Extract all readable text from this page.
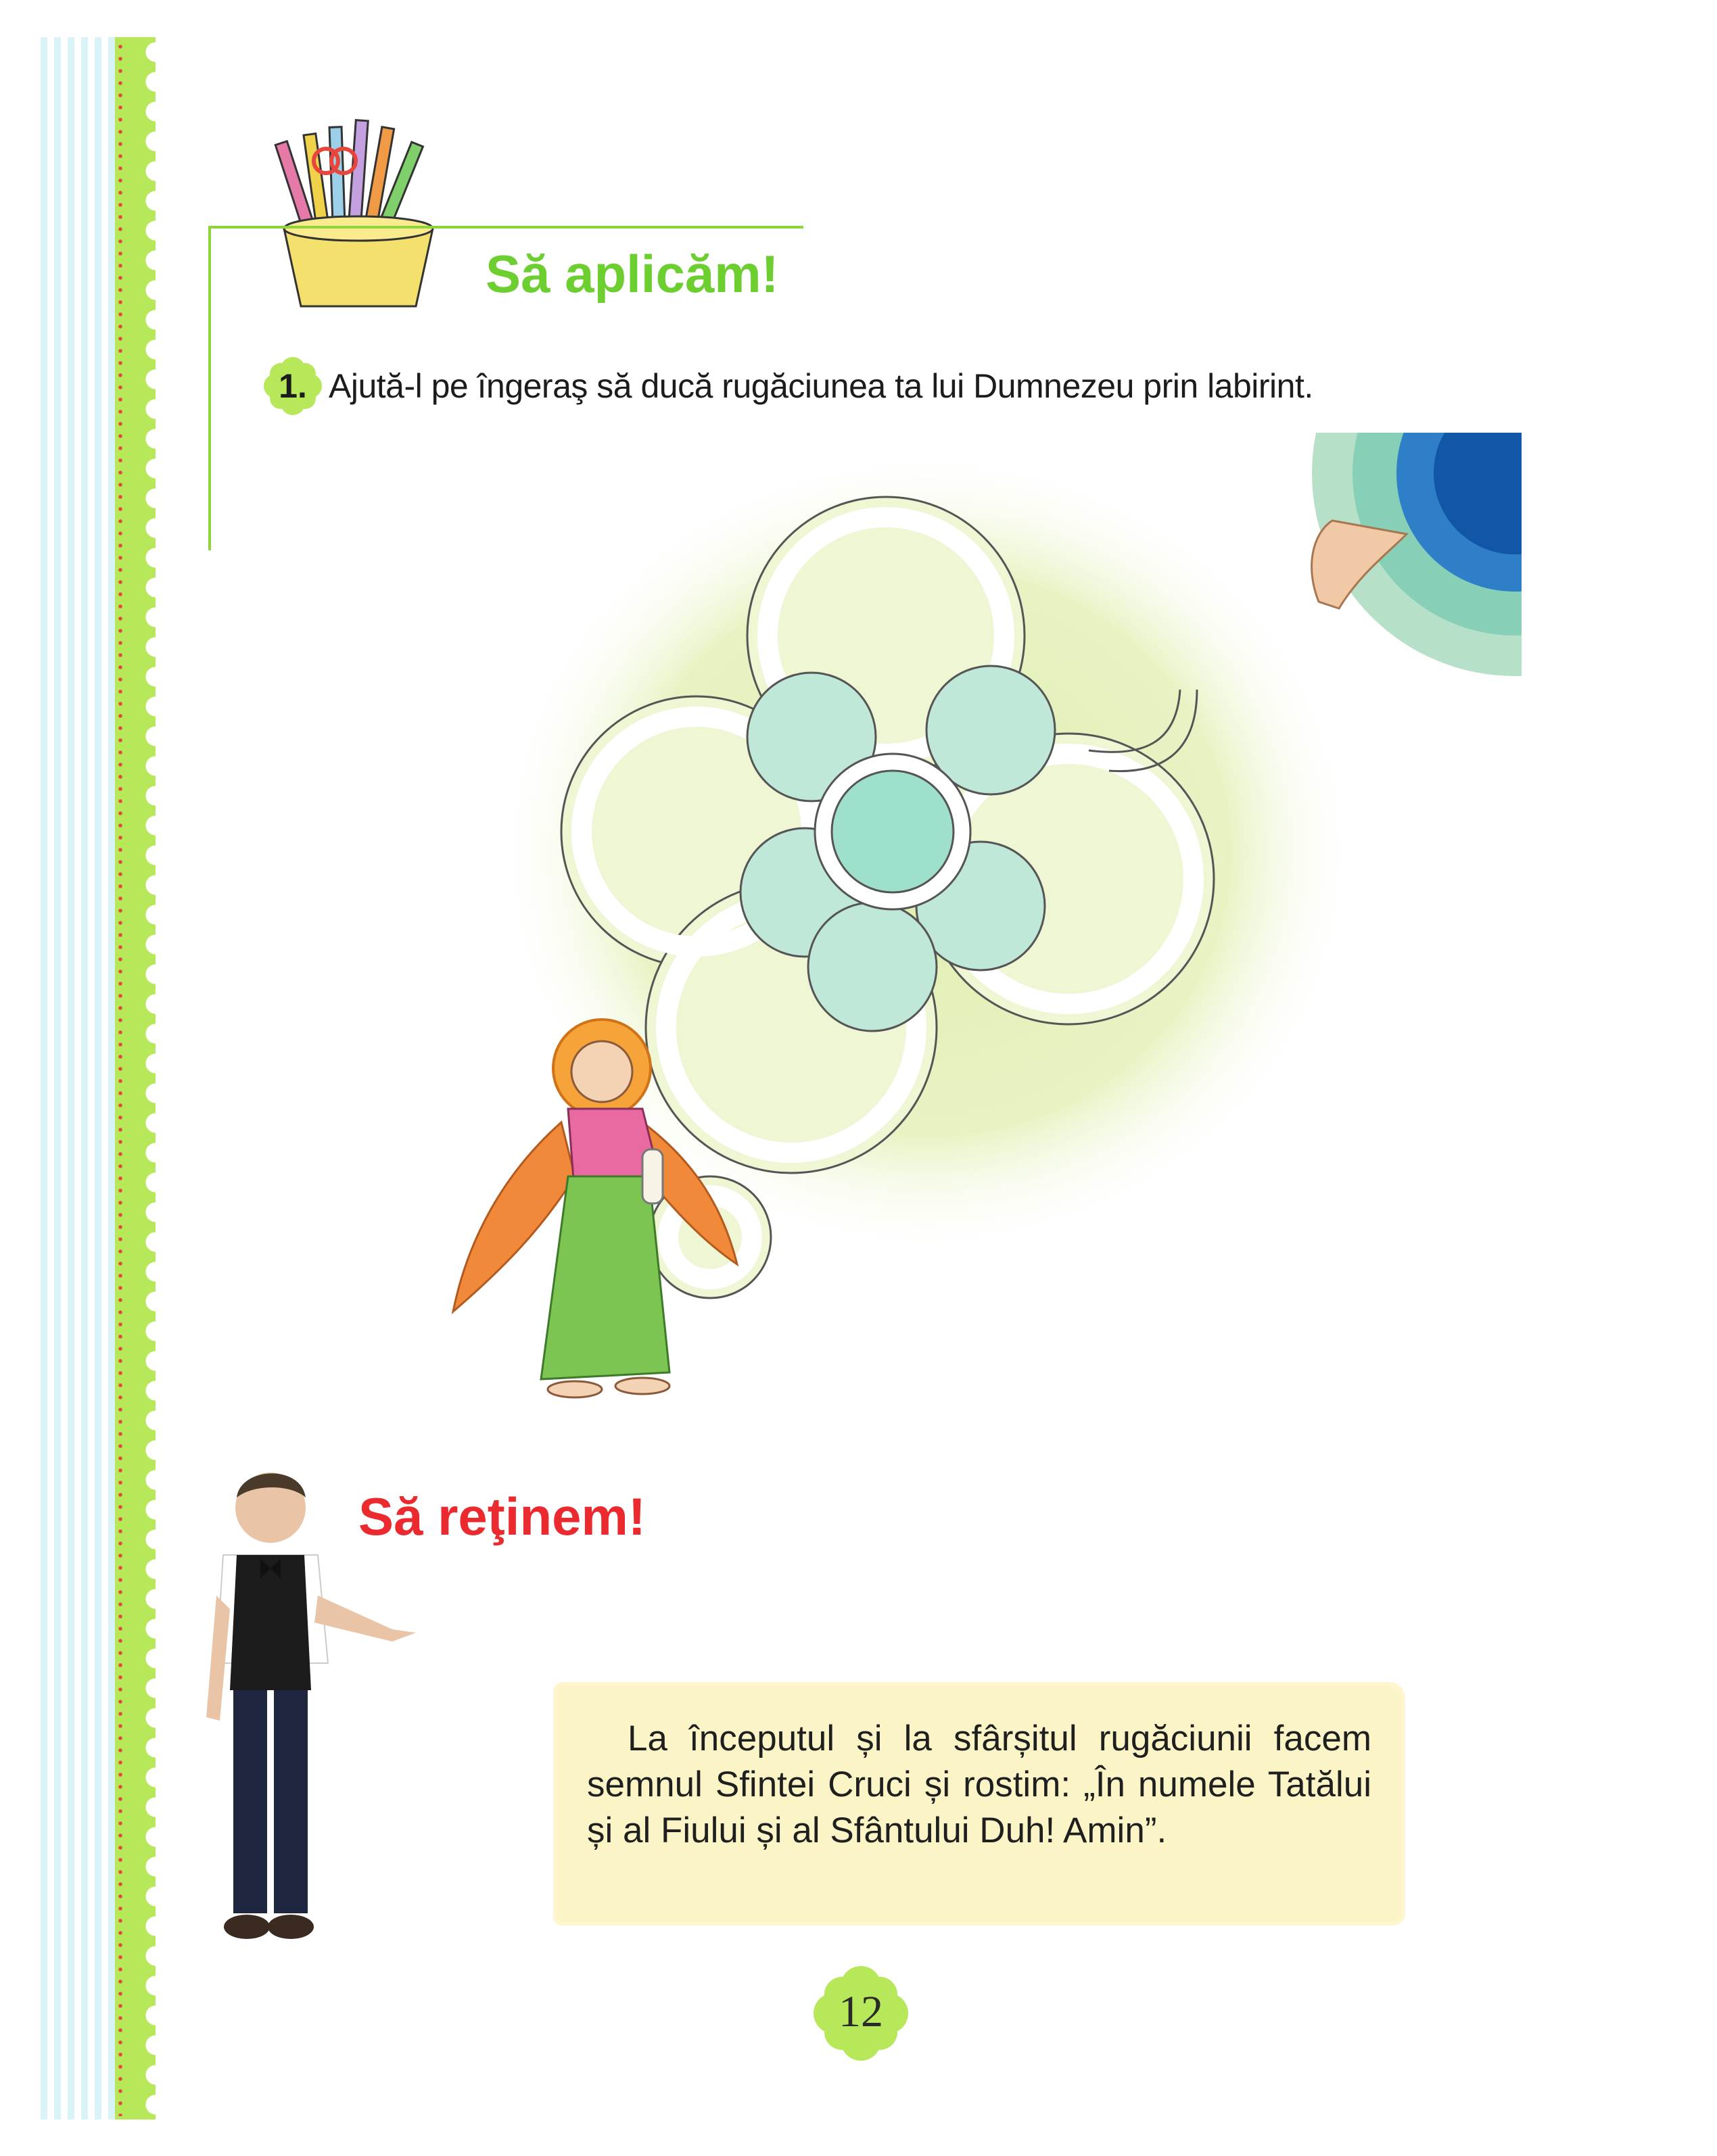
Să aplicăm!
1. Ajută-l pe îngeraş să ducă rugăciunea ta lui Dumnezeu prin labirint.
Să reţinem!

La începutul și la sfârșitul rugăciunii facem semnul Sfintei Cruci și rostim: „În numele Tatălui și al Fiului și al Sfântului Duh! Amin”.

12
